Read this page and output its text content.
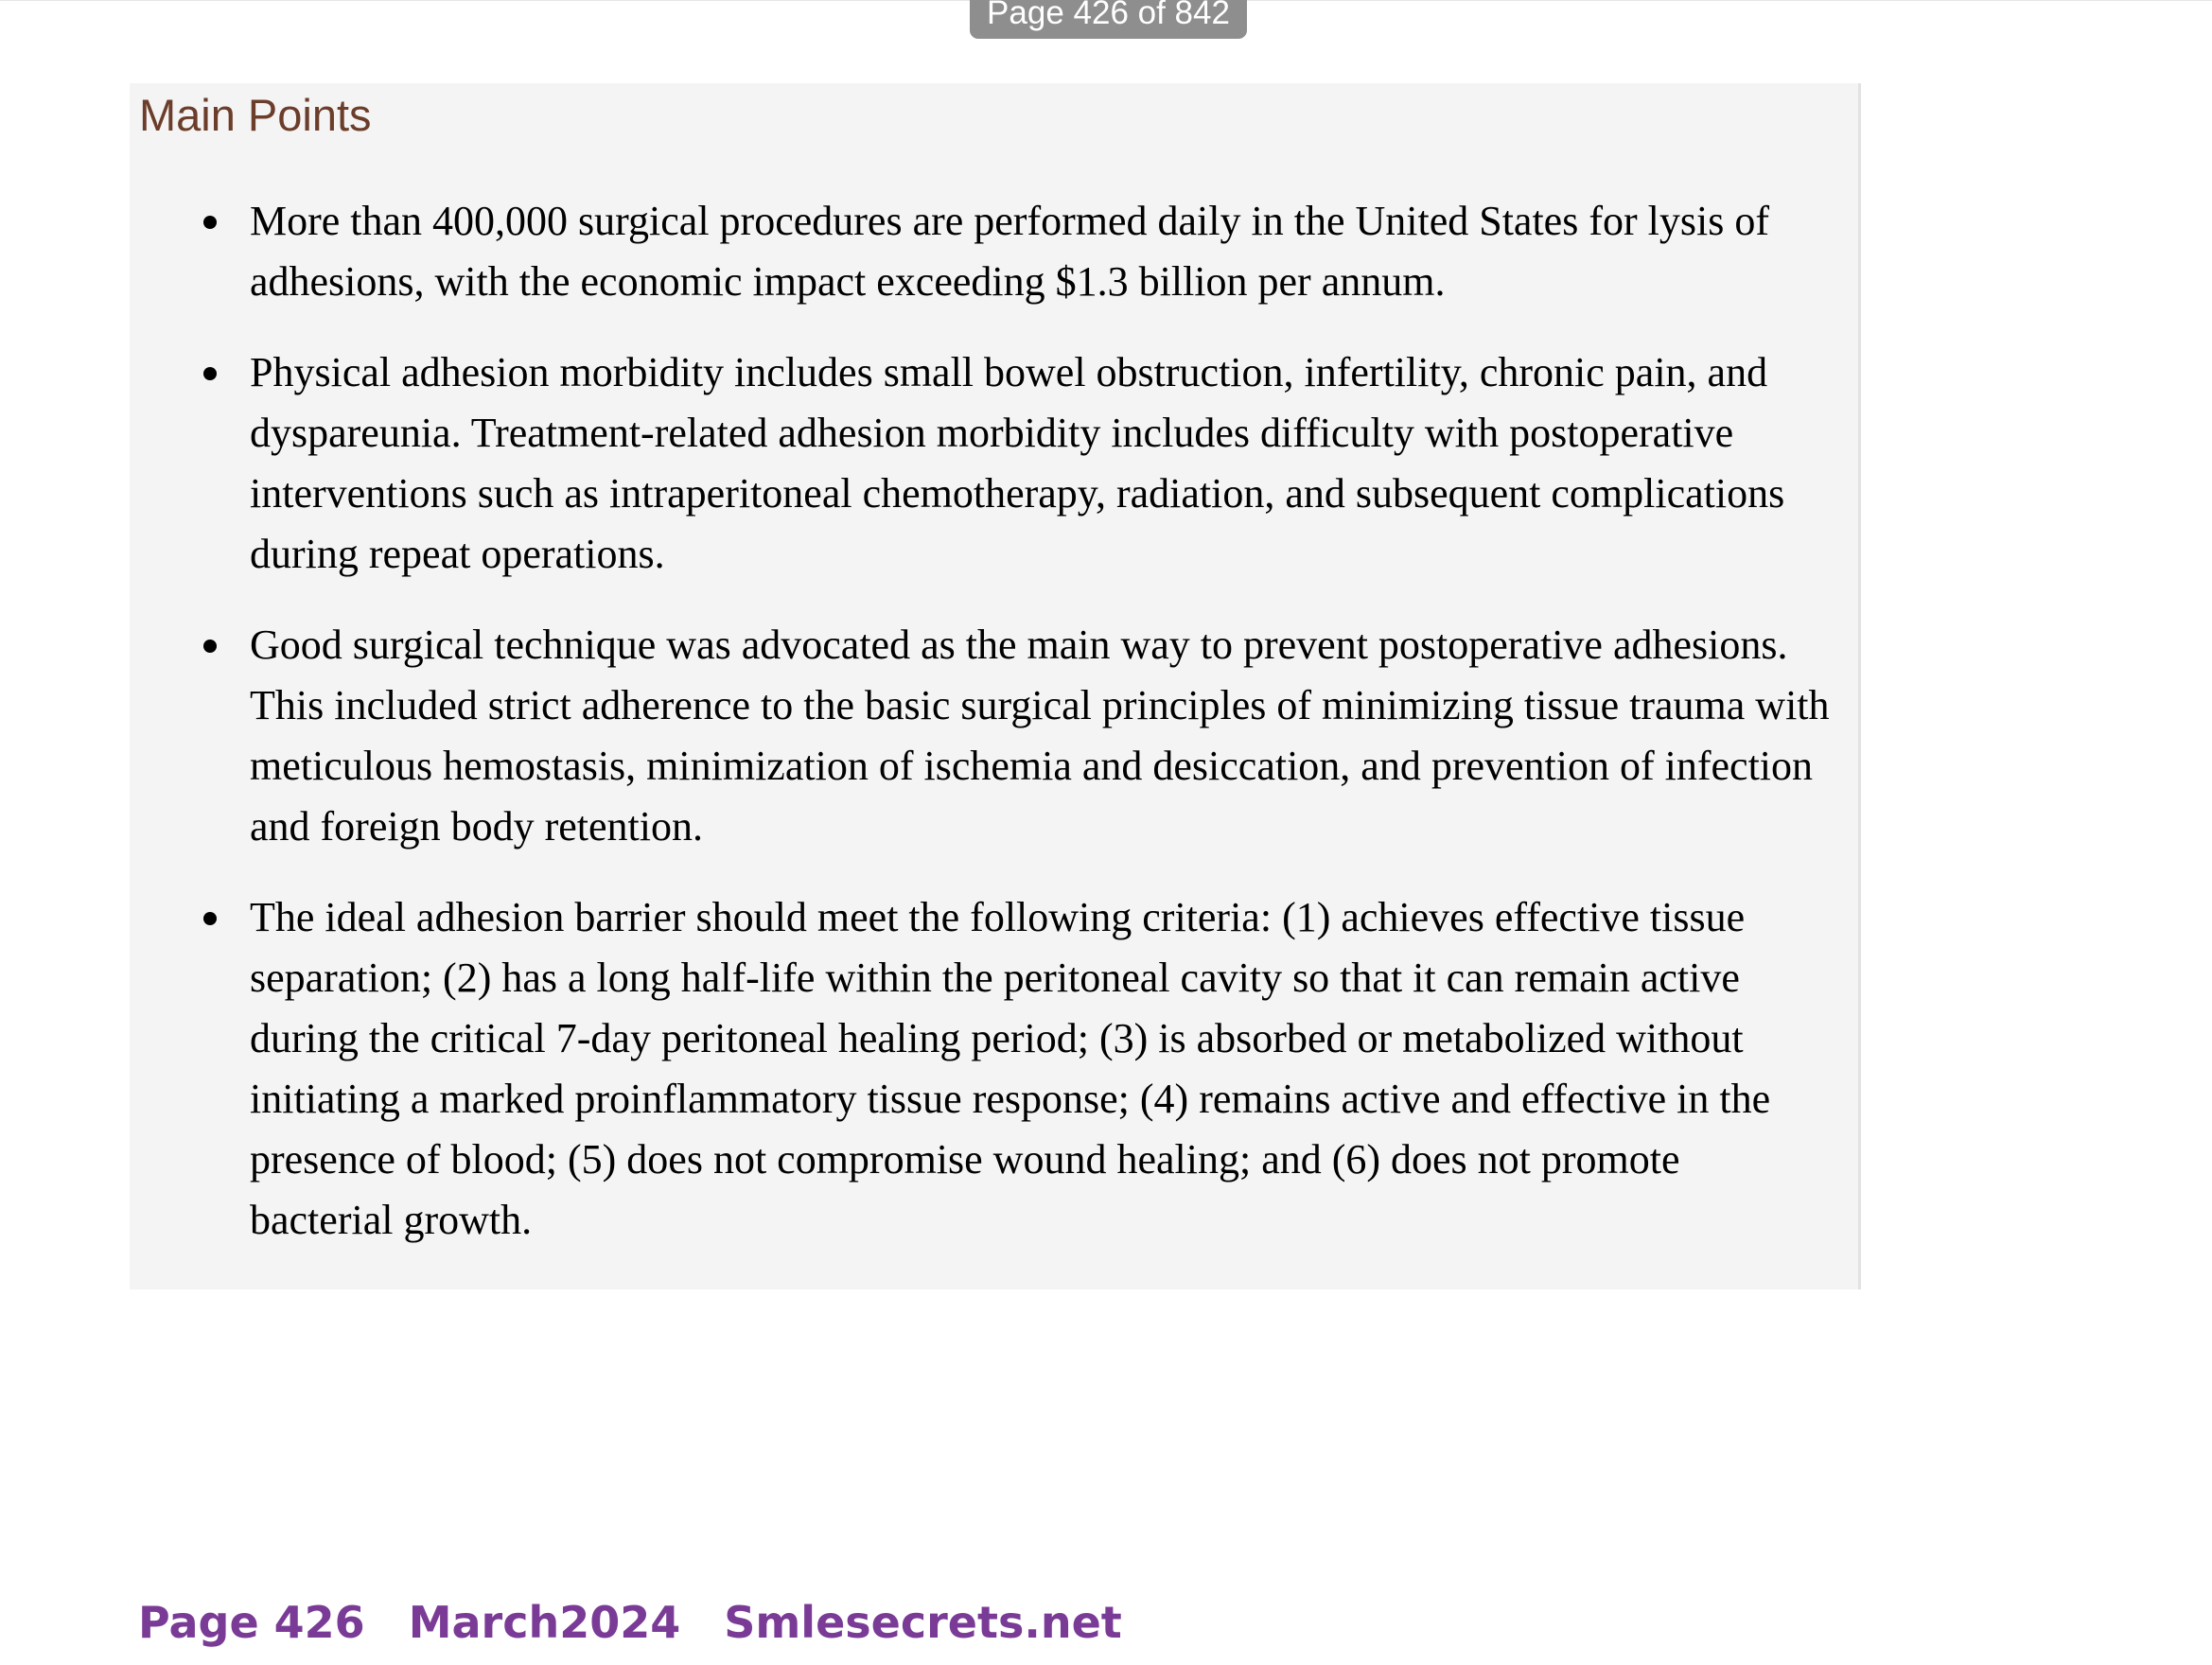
Page 426 of 842
Main Points
More than 400,000 surgical procedures are performed daily in the United States for lysis of adhesions, with the economic impact exceeding $1.3 billion per annum.
Physical adhesion morbidity includes small bowel obstruction, infertility, chronic pain, and dyspareunia. Treatment-related adhesion morbidity includes difficulty with postoperative interventions such as intraperitoneal chemotherapy, radiation, and subsequent complications during repeat operations.
Good surgical technique was advocated as the main way to prevent postoperative adhesions. This included strict adherence to the basic surgical principles of minimizing tissue trauma with meticulous hemostasis, minimization of ischemia and desiccation, and prevention of infection and foreign body retention.
The ideal adhesion barrier should meet the following criteria: (1) achieves effective tissue separation; (2) has a long half-life within the peritoneal cavity so that it can remain active during the critical 7-day peritoneal healing period; (3) is absorbed or metabolized without initiating a marked proinflammatory tissue response; (4) remains active and effective in the presence of blood; (5) does not compromise wound healing; and (6) does not promote bacterial growth.
Page 426 March2024 Smlesecrets.net
